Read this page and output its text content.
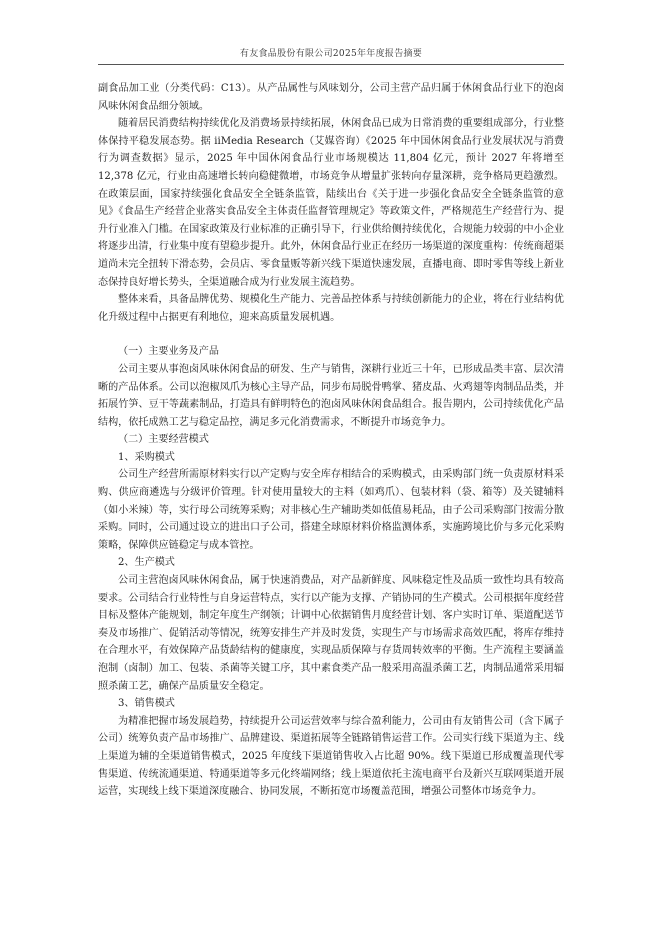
有友食品股份有限公司2025年年度报告摘要

副食品加工业（分类代码：C13）。从产品属性与风味划分，公司主营产品归属于休闲食品行业下的泡卤风味休闲食品细分领域。

随着居民消费结构持续优化及消费场景持续拓展，休闲食品已成为日常消费的重要组成部分，行业整体保持平稳发展态势。据 iiMedia Research（艾媒咨询）《2025 年中国休闲食品行业发展状况与消费行为调查数据》显示，2025 年中国休闲食品行业市场规模达 11,804 亿元，预计 2027 年将增至 12,378 亿元，行业由高速增长转向稳健微增，市场竞争从增量扩张转向存量深耕，竞争格局更趋激烈。在政策层面，国家持续强化食品安全全链条监管，陆续出台《关于进一步强化食品安全全链条监管的意见》《食品生产经营企业落实食品安全主体责任监督管理规定》等政策文件，严格规范生产经营行为、提升行业准入门槛。在国家政策及行业标准的正确引导下，行业供给侧持续优化，合规能力较弱的中小企业将逐步出清，行业集中度有望稳步提升。此外，休闲食品行业正在经历一场渠道的深度重构：传统商超渠道尚未完全扭转下滑态势，会员店、零食量贩等新兴线下渠道快速发展，直播电商、即时零售等线上新业态保持良好增长势头，全渠道融合成为行业发展主流趋势。

整体来看，具备品牌优势、规模化生产能力、完善品控体系与持续创新能力的企业，将在行业结构优化升级过程中占据更有利地位，迎来高质量发展机遇。

（一）主要业务及产品

公司主要从事泡卤风味休闲食品的研发、生产与销售，深耕行业近三十年，已形成品类丰富、层次清晰的产品体系。公司以泡椒凤爪为核心主导产品，同步布局脱骨鸭掌、猪皮晶、火鸡翅等肉制品品类，并拓展竹笋、豆干等蔬素制品，打造具有鲜明特色的泡卤风味休闲食品组合。报告期内，公司持续优化产品结构，依托成熟工艺与稳定品控，满足多元化消费需求，不断提升市场竞争力。

（二）主要经营模式

1、采购模式

公司生产经营所需原材料实行以产定购与安全库存相结合的采购模式，由采购部门统一负责原材料采购、供应商遴选与分级评价管理。针对使用量较大的主料（如鸡爪）、包装材料（袋、箱等）及关键辅料（如小米辣）等，实行母公司统筹采购；对非核心生产辅助类如低值易耗品，由子公司采购部门按需分散采购。同时，公司通过设立的进出口子公司，搭建全球原材料价格监测体系，实施跨境比价与多元化采购策略，保障供应链稳定与成本管控。

2、生产模式

公司主营泡卤风味休闲食品，属于快速消费品，对产品新鲜度、风味稳定性及品质一致性均具有较高要求。公司结合行业特性与自身运营特点，实行以产能为支撑、产销协同的生产模式。公司根据年度经营目标及整体产能规划，制定年度生产纲领；计调中心依据销售月度经营计划、客户实时订单、渠道配送节奏及市场推广、促销活动等情况，统筹安排生产并及时发货，实现生产与市场需求高效匹配，将库存维持在合理水平，有效保障产品货龄结构的健康度，实现品质保障与存货周转效率的平衡。生产流程主要涵盖泡制（卤制）加工、包装、杀菌等关键工序，其中素食类产品一般采用高温杀菌工艺，肉制品通常采用辐照杀菌工艺，确保产品质量安全稳定。

3、销售模式

为精准把握市场发展趋势，持续提升公司运营效率与综合盈利能力，公司由有友销售公司（含下属子公司）统筹负责产品市场推广、品牌建设、渠道拓展等全链路销售运营工作。公司实行线下渠道为主、线上渠道为辅的全渠道销售模式，2025 年度线下渠道销售收入占比超 90%。线下渠道已形成覆盖现代零售渠道、传统流通渠道、特通渠道等多元化终端网络；线上渠道依托主流电商平台及新兴互联网渠道开展运营，实现线上线下渠道深度融合、协同发展，不断拓宽市场覆盖范围，增强公司整体市场竞争力。
